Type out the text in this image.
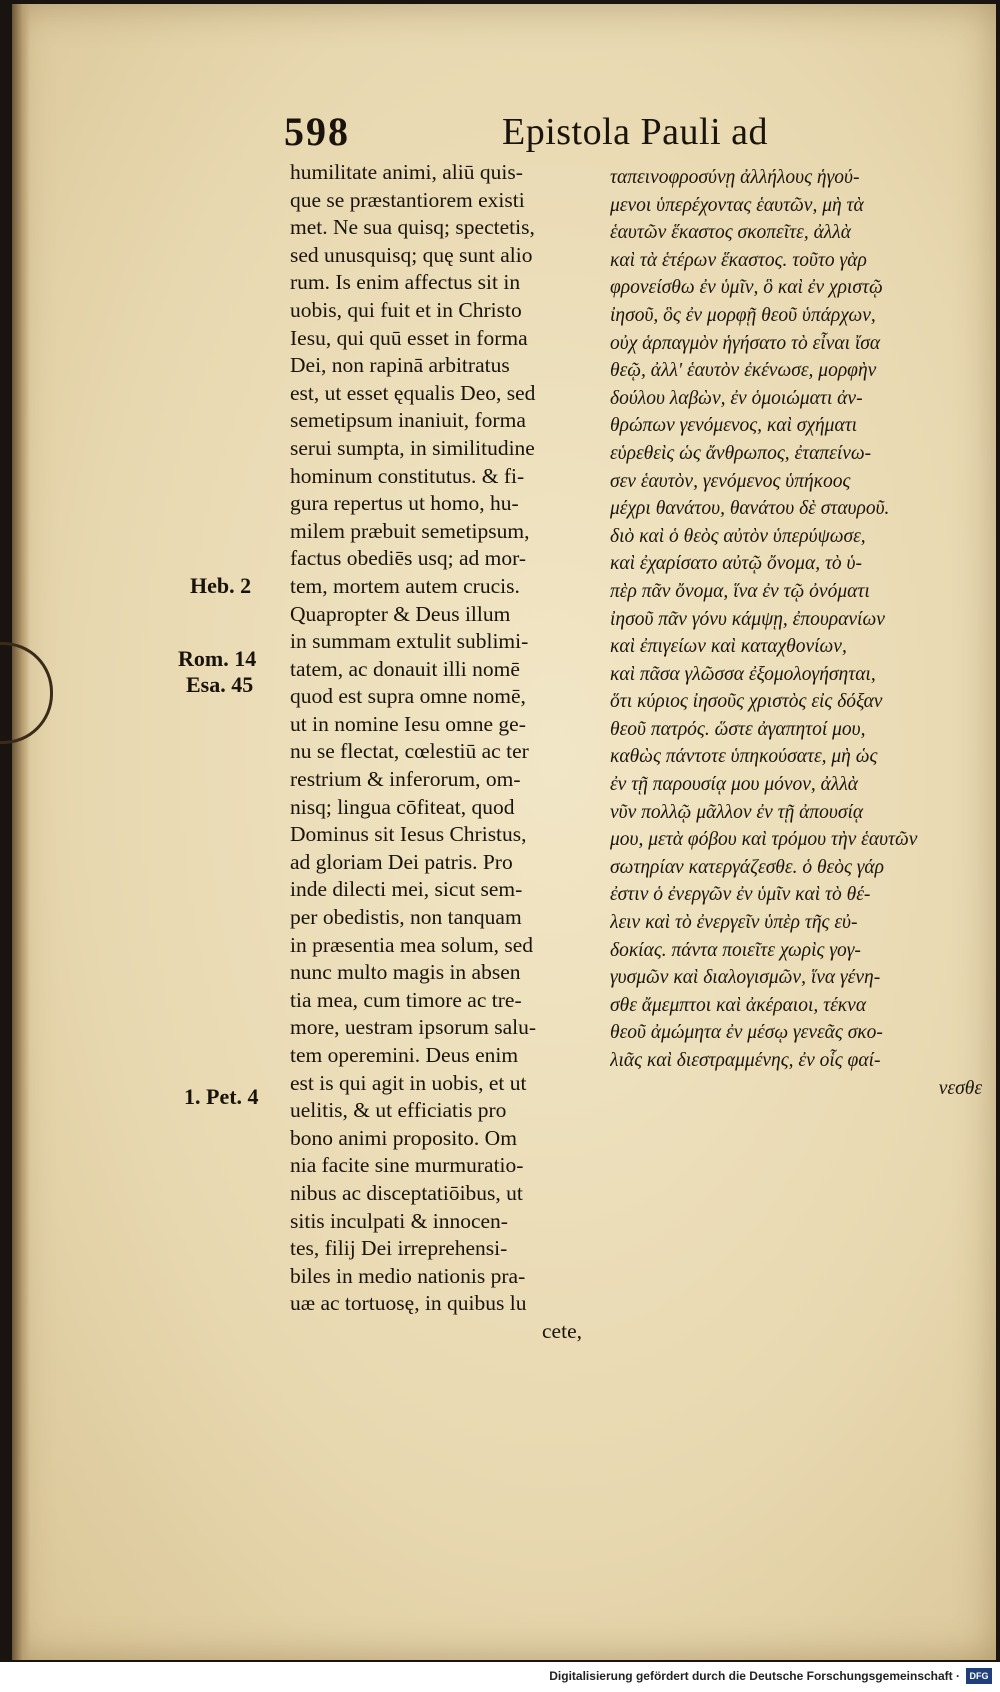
598	Epistola Pauli ad
Heb. 2
Rom. 14
Esa. 45
1. Pet. 4
humilitate animi, aliū quis-
que se præstantiorem existi
met. Ne sua quisq; spectetis,
sed unusquisq; quę sunt alio
rum. Is enim affectus sit in
uobis, qui fuit et in Christo
Iesu, qui quū esset in forma
Dei, non rapinā arbitratus
est, ut esset ęqualis Deo, sed
semetipsum inaniuit, forma
serui sumpta, in similitudine
hominum constitutus. & fi-
gura repertus ut homo, hu-
milem præbuit semetipsum,
factus obediēs usq; ad mor-
tem, mortem autem crucis.
Quapropter & Deus illum
in summam extulit sublimi-
tatem, ac donauit illi nomē
quod est supra omne nomē,
ut in nomine Iesu omne ge-
nu se flectat, cœlestiū ac ter
restrium & inferorum, om-
nisq; lingua cōfiteat, quod
Dominus sit Iesus Christus,
ad gloriam Dei patris. Pro
inde dilecti mei, sicut sem-
per obedistis, non tanquam
in præsentia mea solum, sed
nunc multo magis in absen
tia mea, cum timore ac tre-
more, uestram ipsorum salu-
tem operemini. Deus enim
est is qui agit in uobis, et ut
uelitis, & ut efficiatis pro
bono animi proposito. Om
nia facite sine murmuratio-
nibus ac disceptatiōibus, ut
sitis inculpati & innocen-
tes, filij Dei irreprehensi-
biles in medio nationis pra-
uæ ac tortuosę, in quibus lu
cete,
ταπεινοφροσύνῃ ἀλλήλους ἡγού-
μενοι ὑπερέχοντας ἑαυτῶν, μὴ τὰ
ἑαυτῶν ἕκαστος σκοπεῖτε, ἀλλὰ
καὶ τὰ ἑτέρων ἕκαστος. τοῦτο γὰρ
φρονείσθω ἐν ὑμῖν, ὃ καὶ ἐν χριστῷ
ἰησοῦ, ὃς ἐν μορφῇ θεοῦ ὑπάρχων,
οὐχ ἁρπαγμὸν ἡγήσατο τὸ εἶναι ἴσα
θεῷ, ἀλλ' ἑαυτὸν ἐκένωσε, μορφὴν
δούλου λαβὼν, ἐν ὁμοιώματι ἀν-
θρώπων γενόμενος, καὶ σχήματι
εὑρεθεὶς ὡς ἄνθρωπος, ἐταπείνω-
σεν ἑαυτὸν, γενόμενος ὑπήκοος
μέχρι θανάτου, θανάτου δὲ σταυροῦ.
διὸ καὶ ὁ θεὸς αὐτὸν ὑπερύψωσε,
καὶ ἐχαρίσατο αὐτῷ ὄνομα, τὸ ὑ-
πὲρ πᾶν ὄνομα, ἵνα ἐν τῷ ὀνόματι
ἰησοῦ πᾶν γόνυ κάμψῃ, ἐπουρανίων
καὶ ἐπιγείων καὶ καταχθονίων,
καὶ πᾶσα γλῶσσα ἐξομολογήσηται,
ὅτι κύριος ἰησοῦς χριστὸς εἰς δόξαν
θεοῦ πατρός. ὥστε ἀγαπητοί μου,
καθὼς πάντοτε ὑπηκούσατε, μὴ ὡς
ἐν τῇ παρουσίᾳ μου μόνον, ἀλλὰ
νῦν πολλῷ μᾶλλον ἐν τῇ ἀπουσίᾳ
μου, μετὰ φόβου καὶ τρόμου τὴν ἑαυτῶν
σωτηρίαν κατεργάζεσθε. ὁ θεὸς γάρ
ἐστιν ὁ ἐνεργῶν ἐν ὑμῖν καὶ τὸ θέ-
λειν καὶ τὸ ἐνεργεῖν ὑπὲρ τῆς εὐ-
δοκίας. πάντα ποιεῖτε χωρὶς γογ-
γυσμῶν καὶ διαλογισμῶν, ἵνα γένη-
σθε ἄμεμπτοι καὶ ἀκέραιοι, τέκνα
θεοῦ ἀμώμητα ἐν μέσῳ γενεᾶς σκο-
λιᾶς καὶ διεστραμμένης, ἐν οἷς φαί-
νεσθε
Digitalisierung gefördert durch die Deutsche Forschungsgemeinschaft ·	DFG
